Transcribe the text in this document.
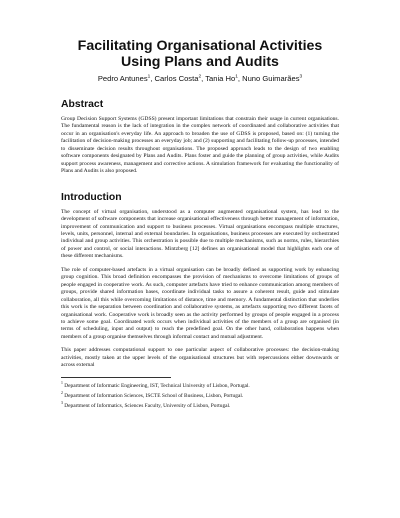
Facilitating Organisational Activities Using Plans and Audits
Pedro Antunes$^1$, Carlos Costa$^2$, Tania Ho$^1$, Nuno Guimarães$^3$
Abstract

Group Decision Support Systems (GDSS) present important limitations that constrain their usage in current organisations. The fundamental reason is the lack of integration in the complex network of coordinated and collaborative activities that occur in an organisation's everyday life. An approach to broaden the use of GDSS is proposed, based on: (1) turning the facilitation of decision-making processes an everyday job; and (2) supporting and facilitating follow-up processes, intended to disseminate decision results throughout organisations. The proposed approach leads to the design of two enabling software components designated by Plans and Audits. Plans foster and guide the planning of group activities, while Audits support process awareness, management and corrective actions. A simulation framework for evaluating the functionality of Plans and Audits is also proposed.

Introduction

The concept of virtual organisation, understood as a computer augmented organisational system, has lead to the development of software components that increase organisational effectiveness through better management of information, improvement of communication and support to business processes. Virtual organisations encompass multiple structures, levels, units, personnel, internal and external boundaries. In organisations, business processes are executed by orchestrated individual and group activities. This orchestration is possible due to multiple mechanisms, such as norms, rules, hierarchies of power and control, or social interactions. Mintzberg [12] defines an organisational model that highlights each one of these different mechanisms.

The role of computer-based artefacts in a virtual organisation can be broadly defined as supporting work by enhancing group cognition. This broad definition encompasses the provision of mechanisms to overcome limitations of groups of people engaged in cooperative work. As such, computer artefacts have tried to enhance communication among members of groups, provide shared information bases, coordinate individual tasks to assure a coherent result, guide and stimulate collaboration, all this while overcoming limitations of distance, time and memory. A fundamental distinction that underlies this work is the separation between coordination and collaborative systems, as artefacts supporting two different facets of organisational work. Cooperative work is broadly seen as the activity performed by groups of people engaged in a process to achieve some goal. Coordinated work occurs when individual activities of the members of a group are organised (in terms of scheduling, input and output) to reach the predefined goal. On the other hand, collaboration happens when members of a group organise themselves through informal contact and mutual adjustment.

This paper addresses computational support to one particular aspect of collaborative processes: the decision-making activities, mostly taken at the upper levels of the organisational structures but with repercussions either downwards or across external

$^1$ Department of Informatic Engineering, IST, Technical University of Lisbon, Portugal.

$^2$ Department of Information Sciences, ISCTE School of Business, Lisbon, Portugal.

$^3$ Department of Informatics, Sciences Faculty, University of Lisbon, Portugal.
